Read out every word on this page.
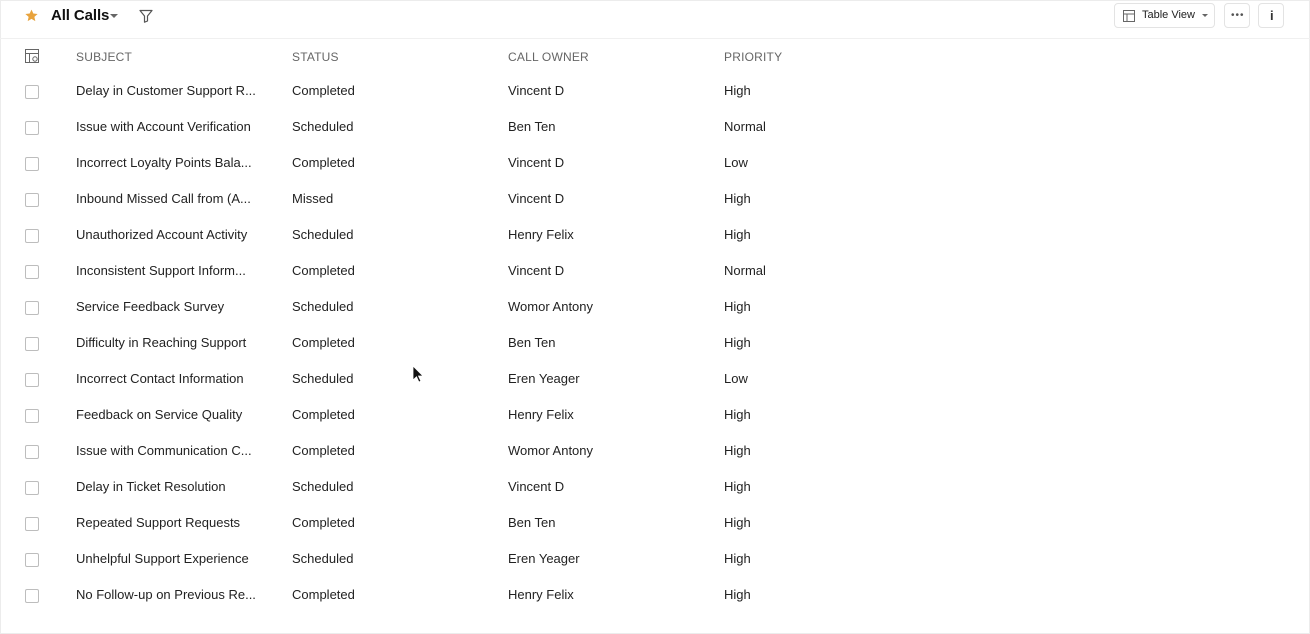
All Calls	Table View	••• i
SUBJECT	STATUS	CALL OWNER	PRIORITY
Delay in Customer Support R...	Completed	Vincent D	High
Issue with Account Verification	Scheduled	Ben Ten	Normal
Incorrect Loyalty Points Bala...	Completed	Vincent D	Low
Inbound Missed Call from (A...	Missed	Vincent D	High
Unauthorized Account Activity	Scheduled	Henry Felix	High
Inconsistent Support Inform...	Completed	Vincent D	Normal
Service Feedback Survey	Scheduled	Womor Antony	High
Difficulty in Reaching Support	Completed	Ben Ten	High
Incorrect Contact Information	Scheduled	Eren Yeager	Low
Feedback on Service Quality	Completed	Henry Felix	High
Issue with Communication C...	Completed	Womor Antony	High
Delay in Ticket Resolution	Scheduled	Vincent D	High
Repeated Support Requests	Completed	Ben Ten	High
Unhelpful Support Experience	Scheduled	Eren Yeager	High
No Follow-up on Previous Re...	Completed	Henry Felix	High
